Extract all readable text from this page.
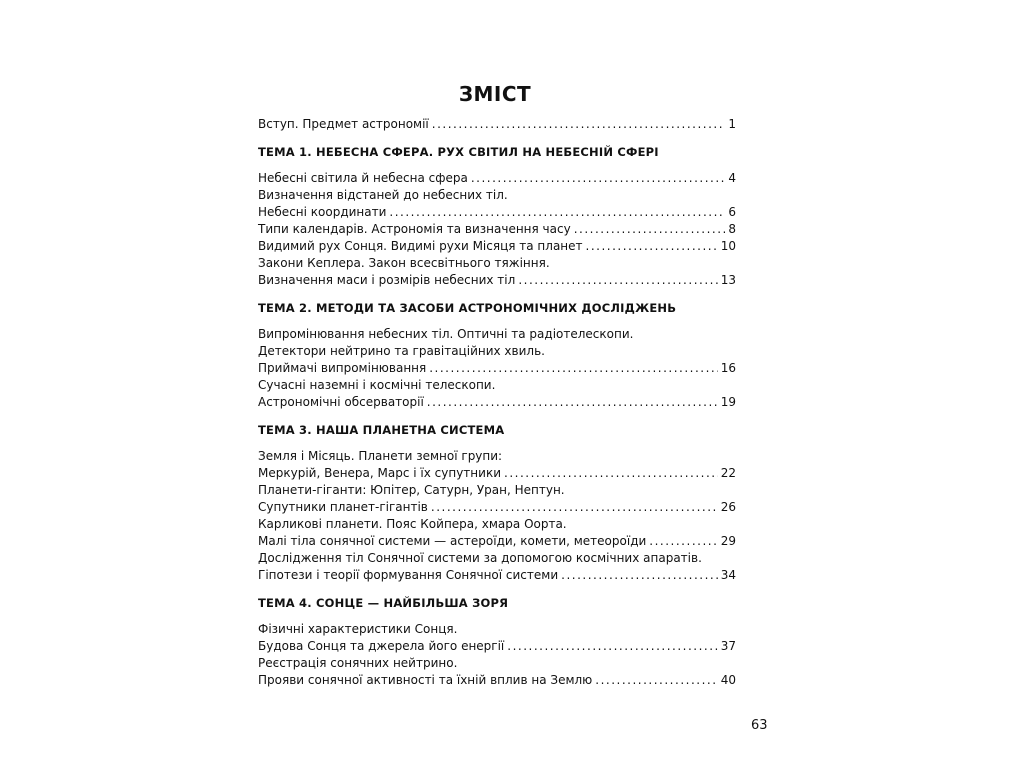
ЗМІСТ
Вступ. Предмет астрономії .....	1
ТЕМА 1. НЕБЕСНА СФЕРА. РУХ СВІТИЛ НА НЕБЕСНІЙ СФЕРІ
Небесні світила й небесна сфера .....	4
Визначення відстаней до небесних тіл.
Небесні координати .....	6
Типи календарів. Астрономія та визначення часу .....	8
Видимий рух Сонця. Видимі рухи Місяця та планет .....	10
Закони Кеплера. Закон всесвітнього тяжіння.
Визначення маси і розмірів небесних тіл .....	13
ТЕМА 2. МЕТОДИ ТА ЗАСОБИ АСТРОНОМІЧНИХ ДОСЛІДЖЕНЬ
Випромінювання небесних тіл. Оптичні та радіотелескопи.
Детектори нейтрино та гравітаційних хвиль.
Приймачі випромінювання .....	16
Сучасні наземні і космічні телескопи.
Астрономічні обсерваторії .....	19
ТЕМА 3. НАША ПЛАНЕТНА СИСТЕМА
Земля і Місяць. Планети земної групи:
Меркурій, Венера, Марс і їх супутники .....	22
Планети-гіганти: Юпітер, Сатурн, Уран, Нептун.
Супутники планет-гігантів .....	26
Карликові планети. Пояс Койпера, хмара Оорта.
Малі тіла сонячної системи — астероїди, комети, метеороїди .....	29
Дослідження тіл Сонячної системи за допомогою космічних апаратів.
Гіпотези і теорії формування Сонячної системи .....	34
ТЕМА 4. СОНЦЕ — НАЙБІЛЬША ЗОРЯ
Фізичні характеристики Сонця.
Будова Сонця та джерела його енергії .....	37
Реєстрація сонячних нейтрино.
Прояви сонячної активності та їхній вплив на Землю .....	40
63
